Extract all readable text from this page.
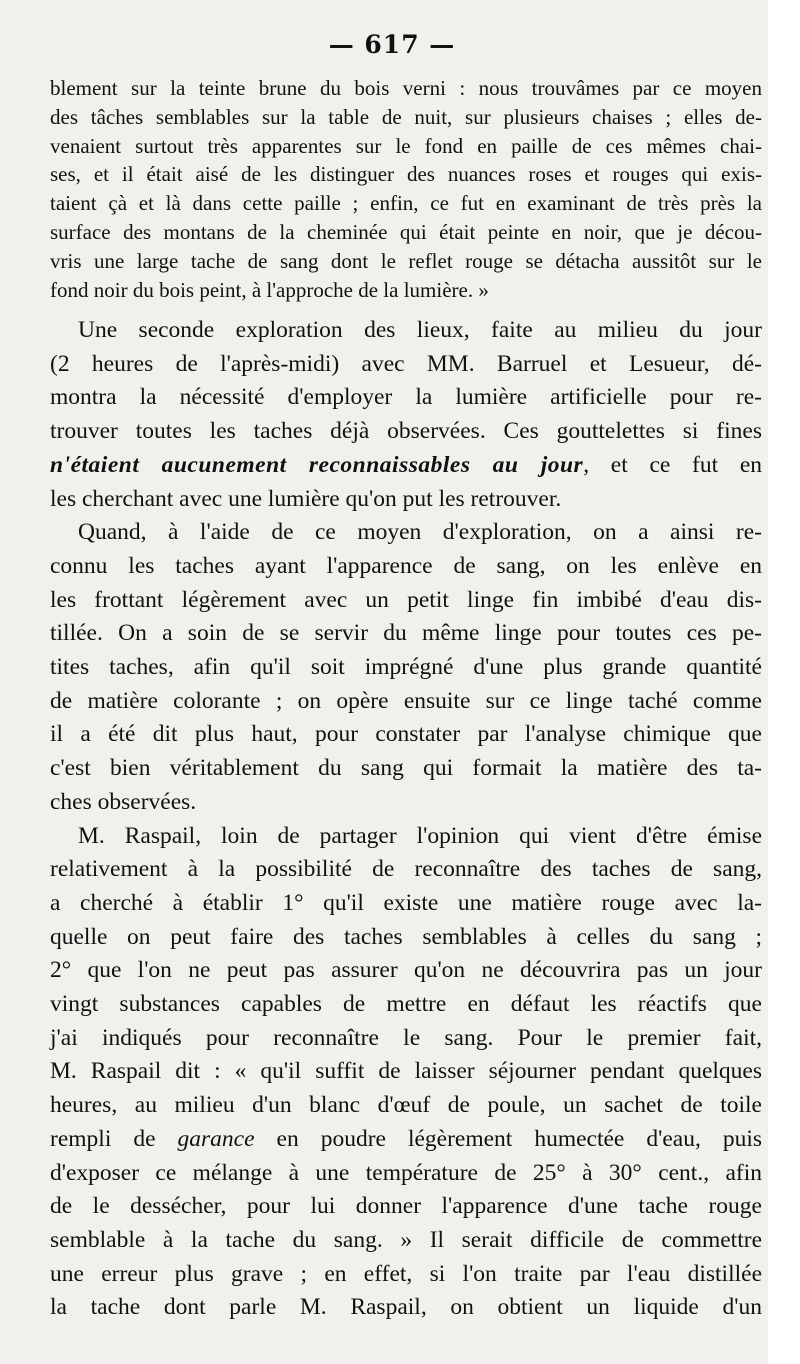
— 617 —
blement sur la teinte brune du bois verni : nous trouvâmes par ce moyen
des tâches semblables sur la table de nuit, sur plusieurs chaises ; elles de-
venaient surtout très apparentes sur le fond en paille de ces mêmes chai-
ses, et il était aisé de les distinguer des nuances roses et rouges qui exis-
taient çà et là dans cette paille ; enfin, ce fut en examinant de très près la
surface des montans de la cheminée qui était peinte en noir, que je décou-
vris une large tache de sang dont le reflet rouge se détacha aussitôt sur le
fond noir du bois peint, à l'approche de la lumière. »
Une seconde exploration des lieux, faite au milieu du jour
(2 heures de l'après-midi) avec MM. Barruel et Lesueur, dé-
montra la nécessité d'employer la lumière artificielle pour re-
trouver toutes les taches déjà observées. Ces gouttelettes si fines
n'étaient aucunement reconnaissables au jour, et ce fut en
les cherchant avec une lumière qu'on put les retrouver.
Quand, à l'aide de ce moyen d'exploration, on a ainsi re-
connu les taches ayant l'apparence de sang, on les enlève en
les frottant légèrement avec un petit linge fin imbibé d'eau dis-
tillée. On a soin de se servir du même linge pour toutes ces pe-
tites taches, afin qu'il soit imprégné d'une plus grande quantité
de matière colorante ; on opère ensuite sur ce linge taché comme
il a été dit plus haut, pour constater par l'analyse chimique que
c'est bien véritablement du sang qui formait la matière des ta-
ches observées.
M. Raspail, loin de partager l'opinion qui vient d'être émise
relativement à la possibilité de reconnaître des taches de sang,
a cherché à établir 1° qu'il existe une matière rouge avec la-
quelle on peut faire des taches semblables à celles du sang ;
2° que l'on ne peut pas assurer qu'on ne découvrira pas un jour
vingt substances capables de mettre en défaut les réactifs que
j'ai indiqués pour reconnaître le sang. Pour le premier fait,
M. Raspail dit : « qu'il suffit de laisser séjourner pendant quelques
heures, au milieu d'un blanc d'œuf de poule, un sachet de toile
rempli de garance en poudre légèrement humectée d'eau, puis
d'exposer ce mélange à une température de 25° à 30° cent., afin
de le dessécher, pour lui donner l'apparence d'une tache rouge
semblable à la tache du sang. » Il serait difficile de commettre
une erreur plus grave ; en effet, si l'on traite par l'eau distillée
la tache dont parle M. Raspail, on obtient un liquide d'un
